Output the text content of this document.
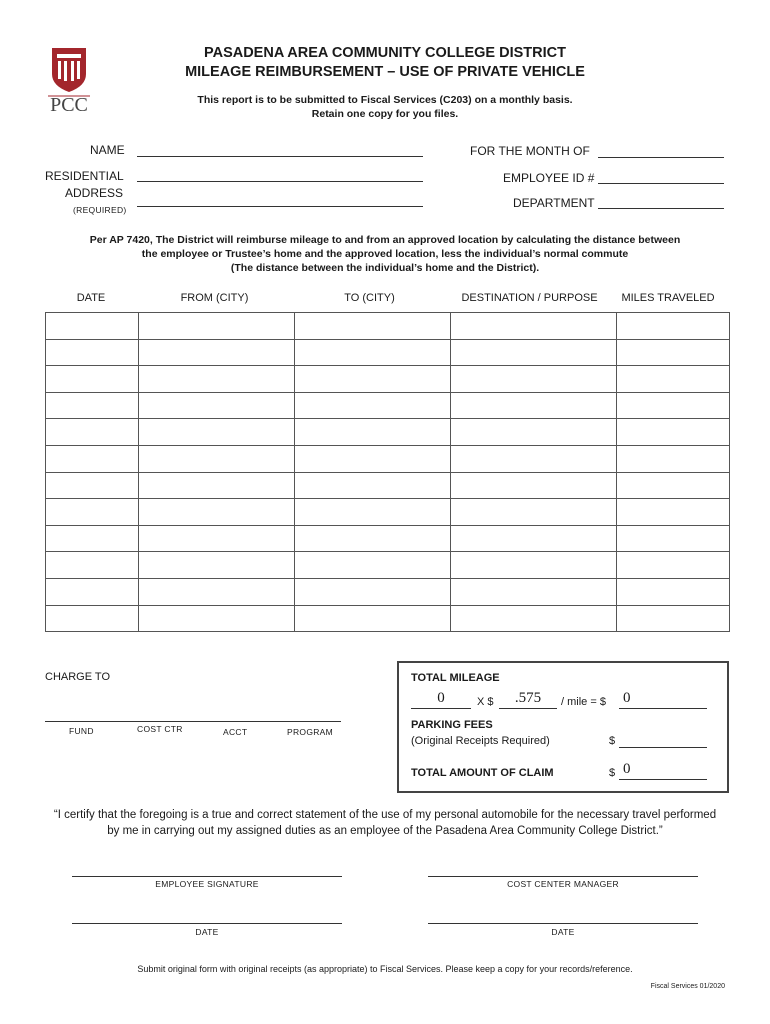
PCC
PASADENA AREA COMMUNITY COLLEGE DISTRICT
MILEAGE REIMBURSEMENT – USE OF PRIVATE VEHICLE
This report is to be submitted to Fiscal Services (C203) on a monthly basis.
Retain one copy for you files.
NAME
RESIDENTIAL
ADDRESS
(REQUIRED)
FOR THE MONTH OF
EMPLOYEE ID #
DEPARTMENT
Per AP 7420, The District will reimburse mileage to and from an approved location by calculating the distance between
the employee or Trustee’s home and the approved location, less the individual’s normal commute
(The distance between the individual’s home and the District).
DATE	FROM (CITY)	TO (CITY)	DESTINATION / PURPOSE	MILES TRAVELED

CHARGE TO
FUND	COST CTR	ACCT	PROGRAM
TOTAL MILEAGE
0	X $	.575	/ mile = $ 0
PARKING FEES
(Original Receipts Required)	$
TOTAL AMOUNT OF CLAIM	$ 0
“I certify that the foregoing is a true and correct statement of the use of my personal automobile for the necessary travel performed
by me in carrying out my assigned duties as an employee of the Pasadena Area Community College District.”
EMPLOYEE SIGNATURE	COST CENTER MANAGER
DATE	DATE
Submit original form with original receipts (as appropriate) to Fiscal Services. Please keep a copy for your records/reference.
Fiscal Services 01/2020
